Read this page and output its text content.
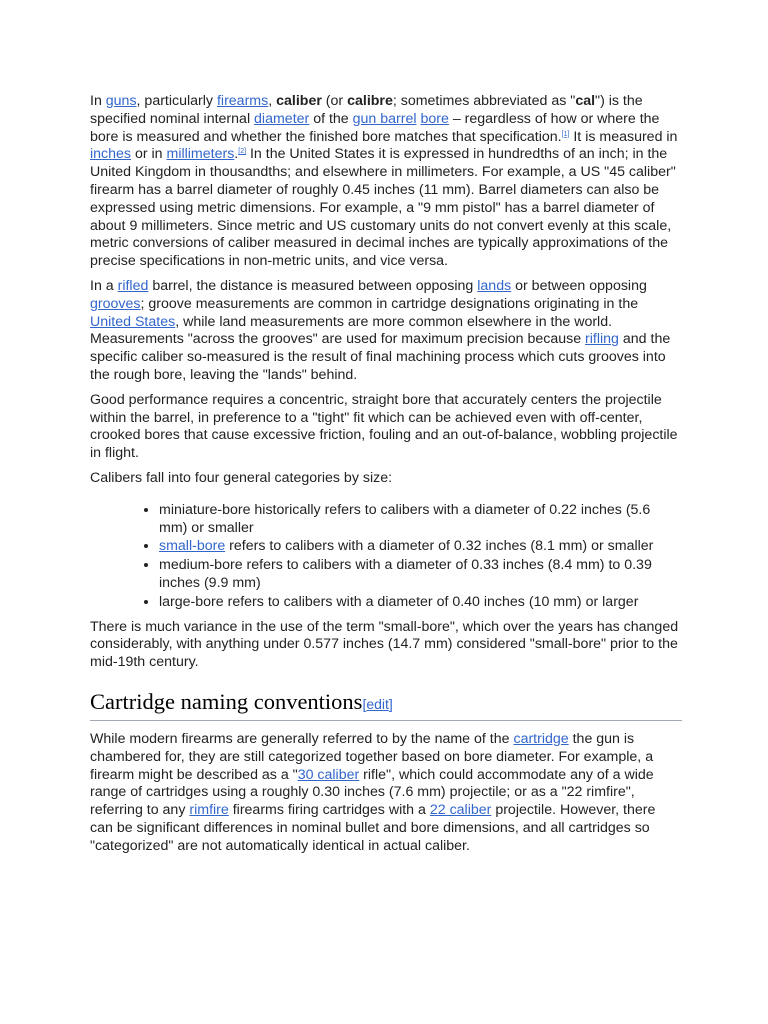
In guns, particularly firearms, caliber (or calibre; sometimes abbreviated as "cal") is the specified nominal internal diameter of the gun barrel bore – regardless of how or where the bore is measured and whether the finished bore matches that specification.[1] It is measured in inches or in millimeters.[2] In the United States it is expressed in hundredths of an inch; in the United Kingdom in thousandths; and elsewhere in millimeters. For example, a US "45 caliber" firearm has a barrel diameter of roughly 0.45 inches (11 mm). Barrel diameters can also be expressed using metric dimensions. For example, a "9 mm pistol" has a barrel diameter of about 9 millimeters. Since metric and US customary units do not convert evenly at this scale, metric conversions of caliber measured in decimal inches are typically approximations of the precise specifications in non-metric units, and vice versa.

In a rifled barrel, the distance is measured between opposing lands or between opposing grooves; groove measurements are common in cartridge designations originating in the United States, while land measurements are more common elsewhere in the world. Measurements "across the grooves" are used for maximum precision because rifling and the specific caliber so-measured is the result of final machining process which cuts grooves into the rough bore, leaving the "lands" behind.

Good performance requires a concentric, straight bore that accurately centers the projectile within the barrel, in preference to a "tight" fit which can be achieved even with off-center, crooked bores that cause excessive friction, fouling and an out-of-balance, wobbling projectile in flight.

Calibers fall into four general categories by size:

• miniature-bore historically refers to calibers with a diameter of 0.22 inches (5.6 mm) or smaller
• small-bore refers to calibers with a diameter of 0.32 inches (8.1 mm) or smaller
• medium-bore refers to calibers with a diameter of 0.33 inches (8.4 mm) to 0.39 inches (9.9 mm)
• large-bore refers to calibers with a diameter of 0.40 inches (10 mm) or larger

There is much variance in the use of the term "small-bore", which over the years has changed considerably, with anything under 0.577 inches (14.7 mm) considered "small-bore" prior to the mid-19th century.

Cartridge naming conventions[edit]

While modern firearms are generally referred to by the name of the cartridge the gun is chambered for, they are still categorized together based on bore diameter. For example, a firearm might be described as a "30 caliber rifle", which could accommodate any of a wide range of cartridges using a roughly 0.30 inches (7.6 mm) projectile; or as a "22 rimfire", referring to any rimfire firearms firing cartridges with a 22 caliber projectile. However, there can be significant differences in nominal bullet and bore dimensions, and all cartridges so "categorized" are not automatically identical in actual caliber.
